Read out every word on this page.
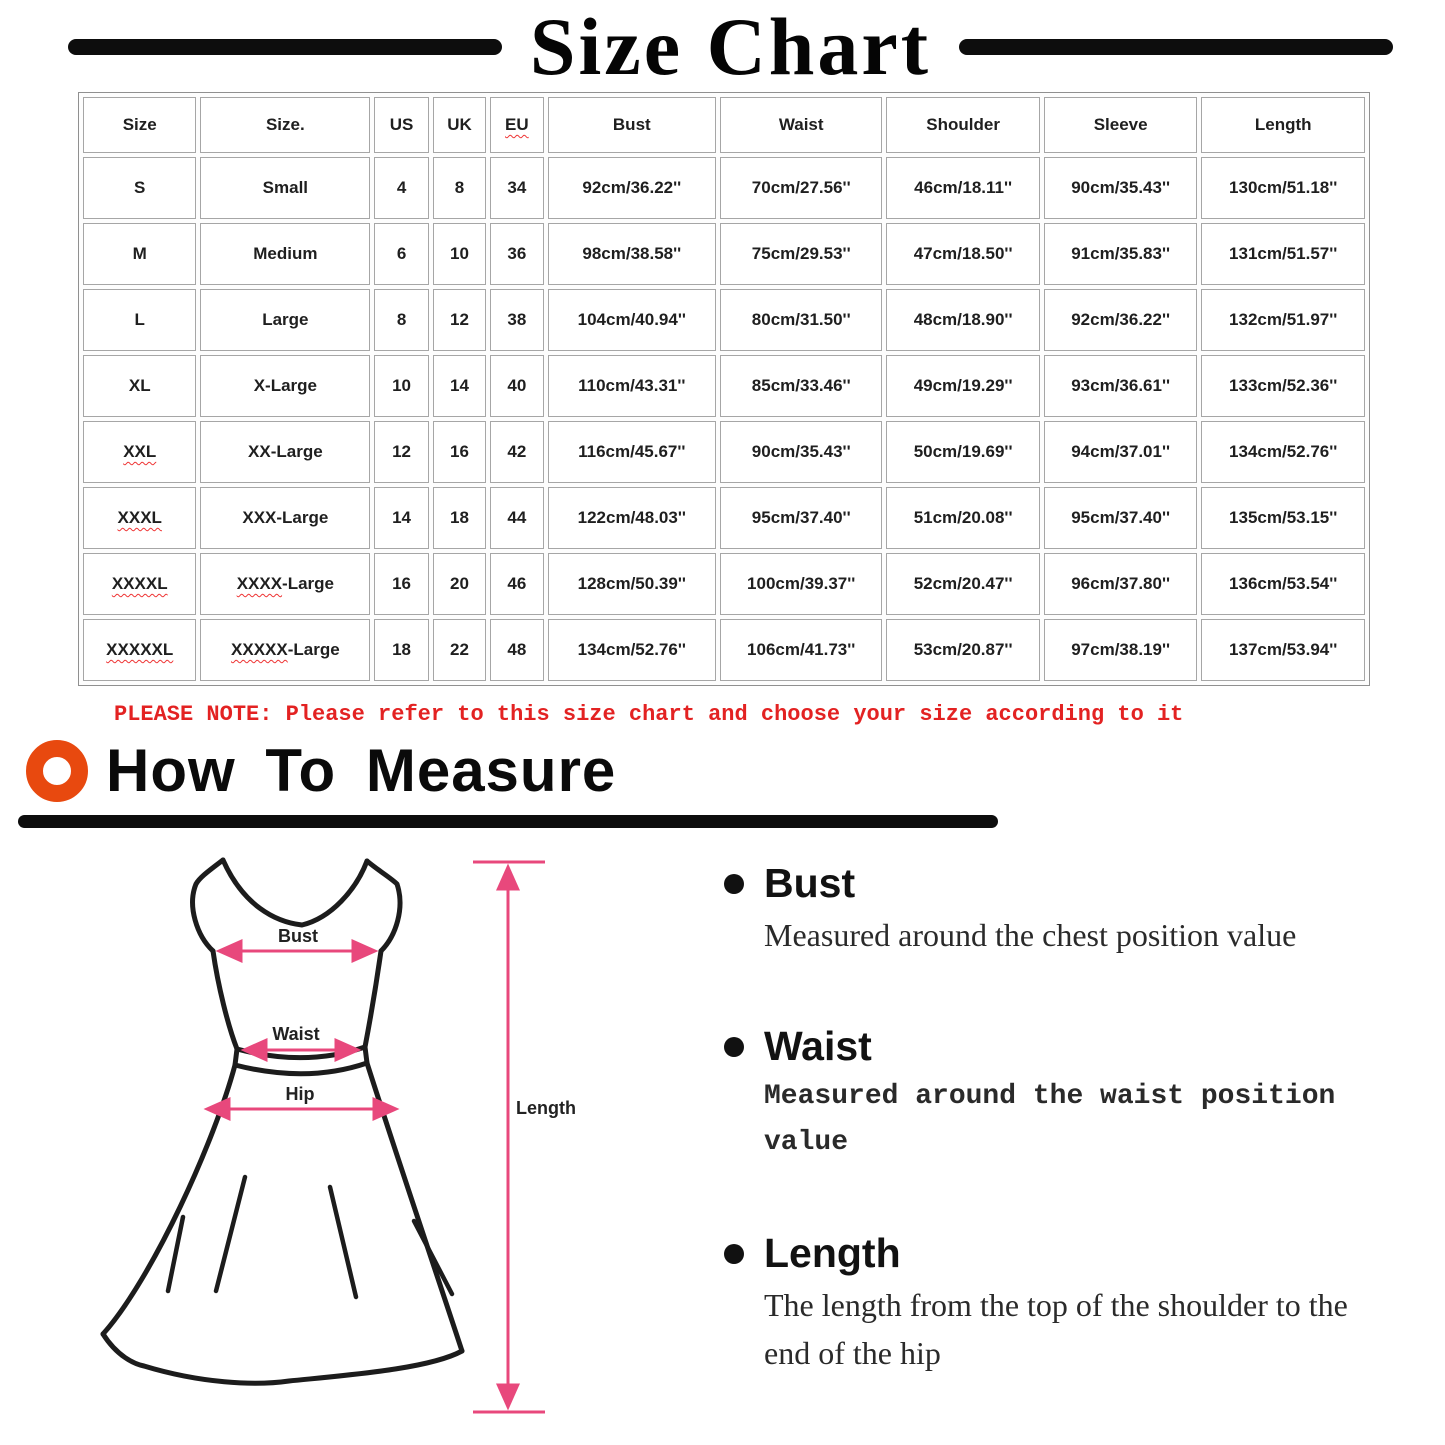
Size Chart
Size	Size.	US	UK	EU	Bust	Waist	Shoulder	Sleeve	Length
S	Small	4	8	34	92cm/36.22''	70cm/27.56''	46cm/18.11''	90cm/35.43''	130cm/51.18''
M	Medium	6	10	36	98cm/38.58''	75cm/29.53''	47cm/18.50''	91cm/35.83''	131cm/51.57''
L	Large	8	12	38	104cm/40.94''	80cm/31.50''	48cm/18.90''	92cm/36.22''	132cm/51.97''
XL	X-Large	10	14	40	110cm/43.31''	85cm/33.46''	49cm/19.29''	93cm/36.61''	133cm/52.36''
XXL	XX-Large	12	16	42	116cm/45.67''	90cm/35.43''	50cm/19.69''	94cm/37.01''	134cm/52.76''
XXXL	XXX-Large	14	18	44	122cm/48.03''	95cm/37.40''	51cm/20.08''	95cm/37.40''	135cm/53.15''
XXXXL	XXXX-Large	16	20	46	128cm/50.39''	100cm/39.37''	52cm/20.47''	96cm/37.80''	136cm/53.54''
XXXXXL	XXXXX-Large	18	22	48	134cm/52.76''	106cm/41.73''	53cm/20.87''	97cm/38.19''	137cm/53.94''
PLEASE NOTE: Please refer to this size chart and choose your size according to it
How To Measure
Bust
Waist
Hip
Length
Bust
Measured around the chest position value
Waist
Measured around the waist position value
Length
The length from the top of the shoulder to the end of the hip
